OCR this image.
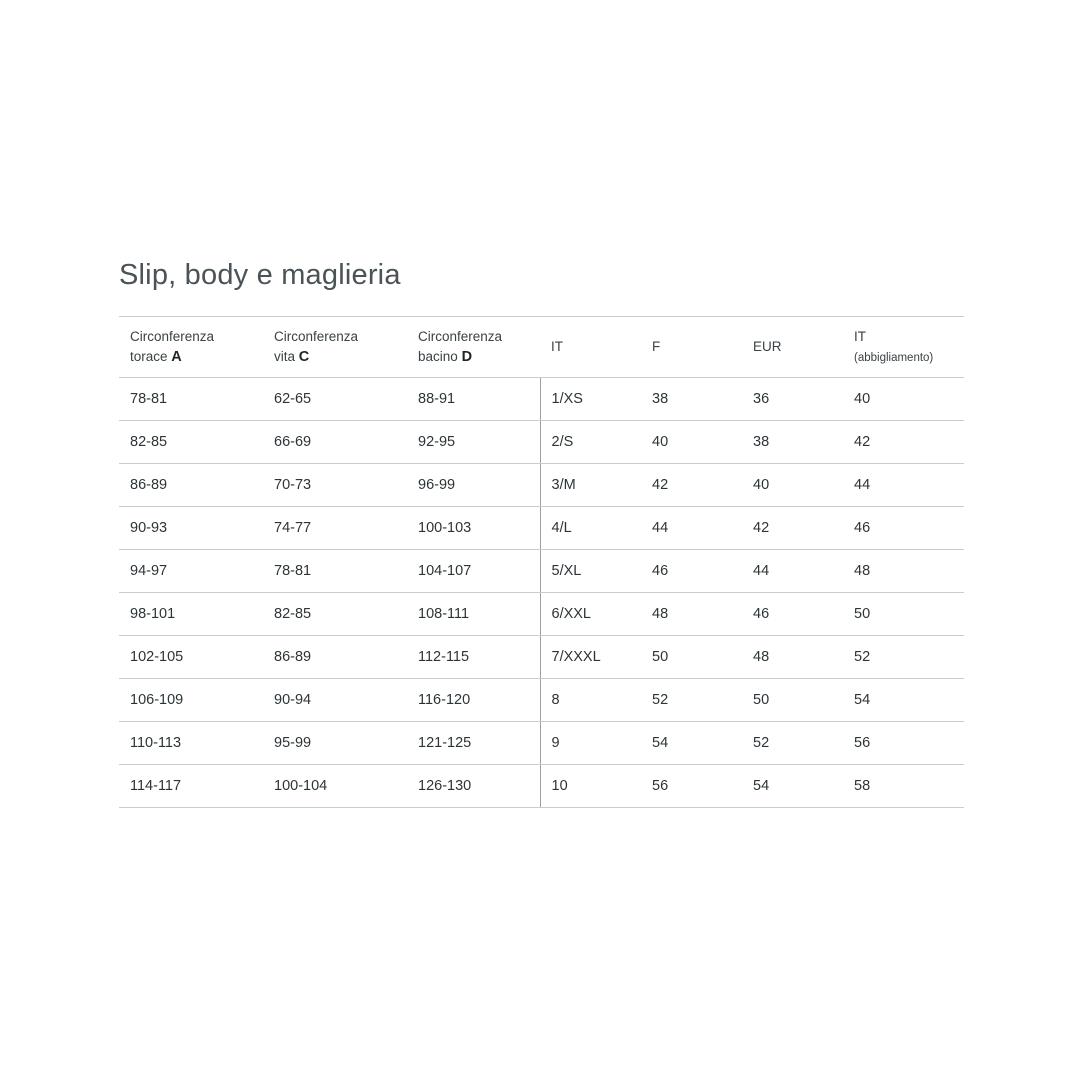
Slip, body e maglieria
Circonferenza
torace A	Circonferenza
vita C	Circonferenza
bacino D	IT	F	EUR	IT
(abbigliamento)
78-81	62-65	88-91	1/XS	38	36	40
82-85	66-69	92-95	2/S	40	38	42
86-89	70-73	96-99	3/M	42	40	44
90-93	74-77	100-103	4/L	44	42	46
94-97	78-81	104-107	5/XL	46	44	48
98-101	82-85	108-111	6/XXL	48	46	50
102-105	86-89	112-115	7/XXXL	50	48	52
106-109	90-94	116-120	8	52	50	54
110-113	95-99	121-125	9	54	52	56
114-117	100-104	126-130	10	56	54	58
